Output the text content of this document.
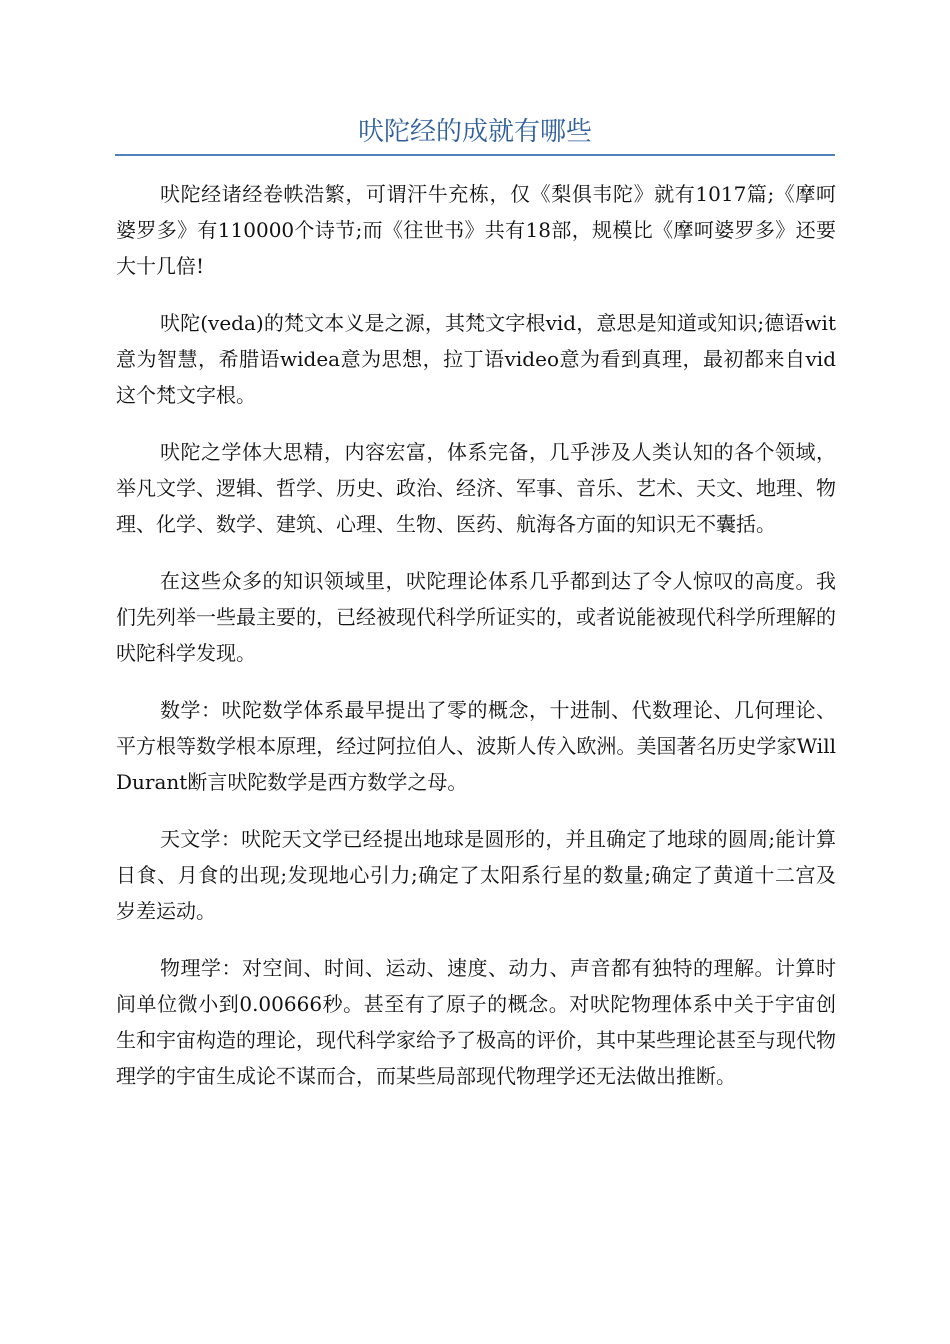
吠陀经的成就有哪些

吠陀经诸经卷帙浩繁，可谓汗牛充栋，仅《梨俱韦陀》就有1017篇;《摩呵婆罗多》有110000个诗节;而《往世书》共有18部，规模比《摩呵婆罗多》还要大十几倍!

吠陀(veda)的梵文本义是之源，其梵文字根vid，意思是知道或知识;德语wit意为智慧，希腊语widea意为思想，拉丁语video意为看到真理，最初都来自vid这个梵文字根。

吠陀之学体大思精，内容宏富，体系完备，几乎涉及人类认知的各个领域，举凡文学、逻辑、哲学、历史、政治、经济、军事、音乐、艺术、天文、地理、物理、化学、数学、建筑、心理、生物、医药、航海各方面的知识无不囊括。

在这些众多的知识领域里，吠陀理论体系几乎都到达了令人惊叹的高度。我们先列举一些最主要的，已经被现代科学所证实的，或者说能被现代科学所理解的吠陀科学发现。

数学：吠陀数学体系最早提出了零的概念，十进制、代数理论、几何理论、平方根等数学根本原理，经过阿拉伯人、波斯人传入欧洲。美国著名历史学家WillDurant断言吠陀数学是西方数学之母。

天文学：吠陀天文学已经提出地球是圆形的，并且确定了地球的圆周;能计算日食、月食的出现;发现地心引力;确定了太阳系行星的数量;确定了黄道十二宫及岁差运动。

物理学：对空间、时间、运动、速度、动力、声音都有独特的理解。计算时间单位微小到0.00666秒。甚至有了原子的概念。对吠陀物理体系中关于宇宙创生和宇宙构造的理论，现代科学家给予了极高的评价，其中某些理论甚至与现代物理学的宇宙生成论不谋而合，而某些局部现代物理学还无法做出推断。
